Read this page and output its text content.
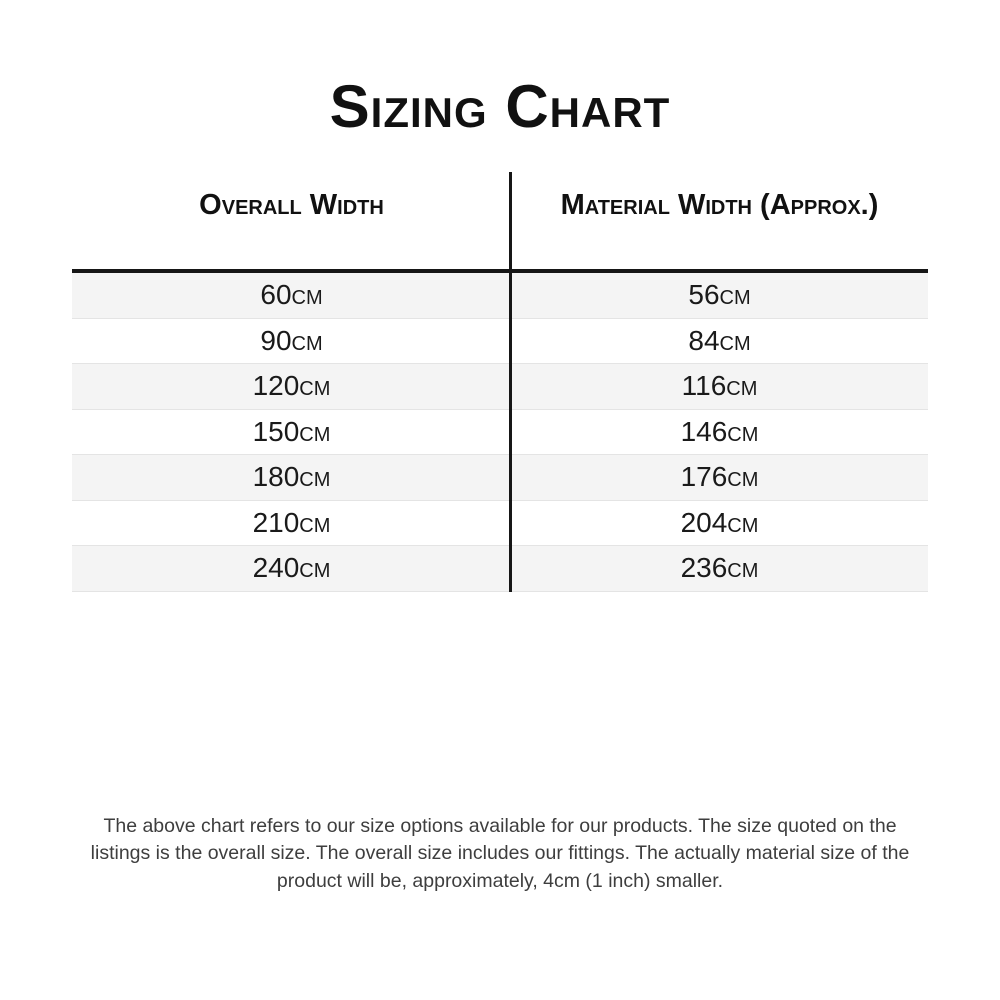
Sizing Chart
Overall Width	Material Width (Approx.)
60cm	56cm
90cm	84cm
120cm	116cm
150cm	146cm
180cm	176cm
210cm	204cm
240cm	236cm

The above chart refers to our size options available for our products. The size quoted on the listings is the overall size. The overall size includes our fittings. The actually material size of the product will be, approximately, 4cm (1 inch) smaller.
